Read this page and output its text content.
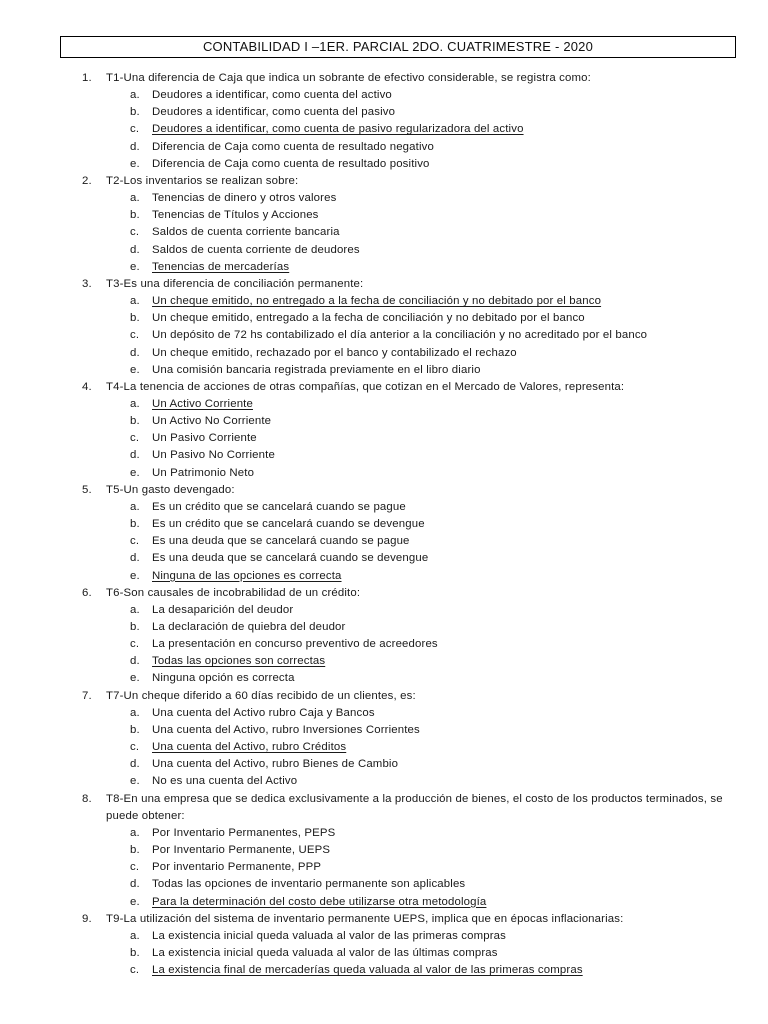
CONTABILIDAD I –1ER. PARCIAL 2DO. CUATRIMESTRE - 2020
1. T1-Una diferencia de Caja que indica un sobrante de efectivo considerable, se registra como:
a. Deudores a identificar, como cuenta del activo
b. Deudores a identificar, como cuenta del pasivo
c. Deudores a identificar, como cuenta de pasivo regularizadora del activo
d. Diferencia de Caja como cuenta de resultado negativo
e. Diferencia de Caja como cuenta de resultado positivo
2. T2-Los inventarios se realizan sobre:
a. Tenencias de dinero y otros valores
b. Tenencias de Títulos y Acciones
c. Saldos de cuenta corriente bancaria
d. Saldos de cuenta corriente de deudores
e. Tenencias de mercaderías
3. T3-Es una diferencia de conciliación permanente:
a. Un cheque emitido, no entregado a la fecha de conciliación y no debitado por el banco
b. Un cheque emitido, entregado a la fecha de conciliación y no debitado por el banco
c. Un depósito de 72 hs contabilizado el día anterior a la conciliación y no acreditado por el banco
d. Un cheque emitido, rechazado por el banco y contabilizado el rechazo
e. Una comisión bancaria registrada previamente en el libro diario
4. T4-La tenencia de acciones de otras compañías, que cotizan en el Mercado de Valores, representa:
a. Un Activo Corriente
b. Un Activo No Corriente
c. Un Pasivo Corriente
d. Un Pasivo No Corriente
e. Un Patrimonio Neto
5. T5-Un gasto devengado:
a. Es un crédito que se cancelará cuando se pague
b. Es un crédito que se cancelará cuando se devengue
c. Es una deuda que se cancelará cuando se pague
d. Es una deuda que se cancelará cuando se devengue
e. Ninguna de las opciones es correcta
6. T6-Son causales de incobrabilidad de un crédito:
a. La desaparición del deudor
b. La declaración de quiebra del deudor
c. La presentación en concurso preventivo de acreedores
d. Todas las opciones son correctas
e. Ninguna opción es correcta
7. T7-Un cheque diferido a 60 días recibido de un clientes, es:
a. Una cuenta del Activo rubro Caja y Bancos
b. Una cuenta del Activo, rubro Inversiones Corrientes
c. Una cuenta del Activo, rubro Créditos
d. Una cuenta del Activo, rubro Bienes de Cambio
e. No es una cuenta del Activo
8. T8-En una empresa que se dedica exclusivamente a la producción de bienes, el costo de los productos terminados, se puede obtener:
a. Por Inventario Permanentes, PEPS
b. Por Inventario Permanente, UEPS
c. Por inventario Permanente, PPP
d. Todas las opciones de inventario permanente son aplicables
e. Para la determinación del costo debe utilizarse otra metodología
9. T9-La utilización del sistema de inventario permanente UEPS, implica que en épocas inflacionarias:
a. La existencia inicial queda valuada al valor de las primeras compras
b. La existencia inicial queda valuada al valor de las últimas compras
c. La existencia final de mercaderías queda valuada al valor de las primeras compras
